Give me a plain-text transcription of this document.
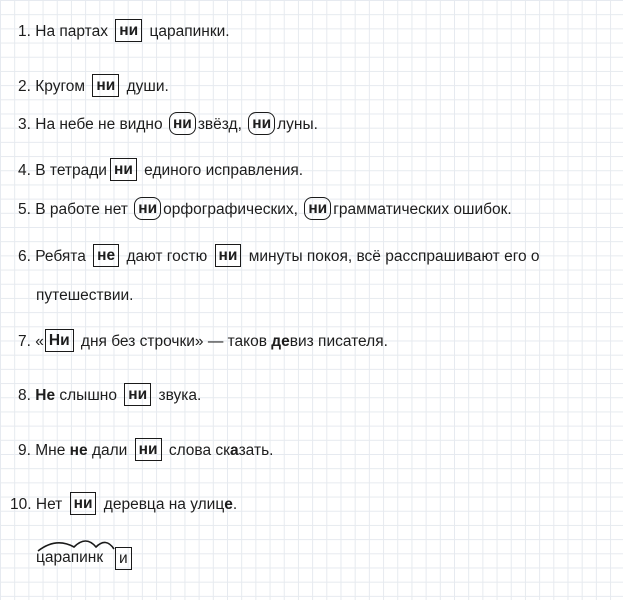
1. На партах ни царапинки.
2. Кругом ни души.
3. На небе не видно ни звёзд, ни луны.
4. В тетради ни единого исправления.
5. В работе нет ни орфографических, ни грамматических ошибок.
6. Ребята не дают гостю ни минуты покоя, всё расспрашивают его о
путешествии.
7. « Ни дня без строчки» — таков девиз писателя.
8. Не слышно ни звука.
9. Мне не дали ни слова сказать.
10. Нет ни деревца на улице.
царапинк и
